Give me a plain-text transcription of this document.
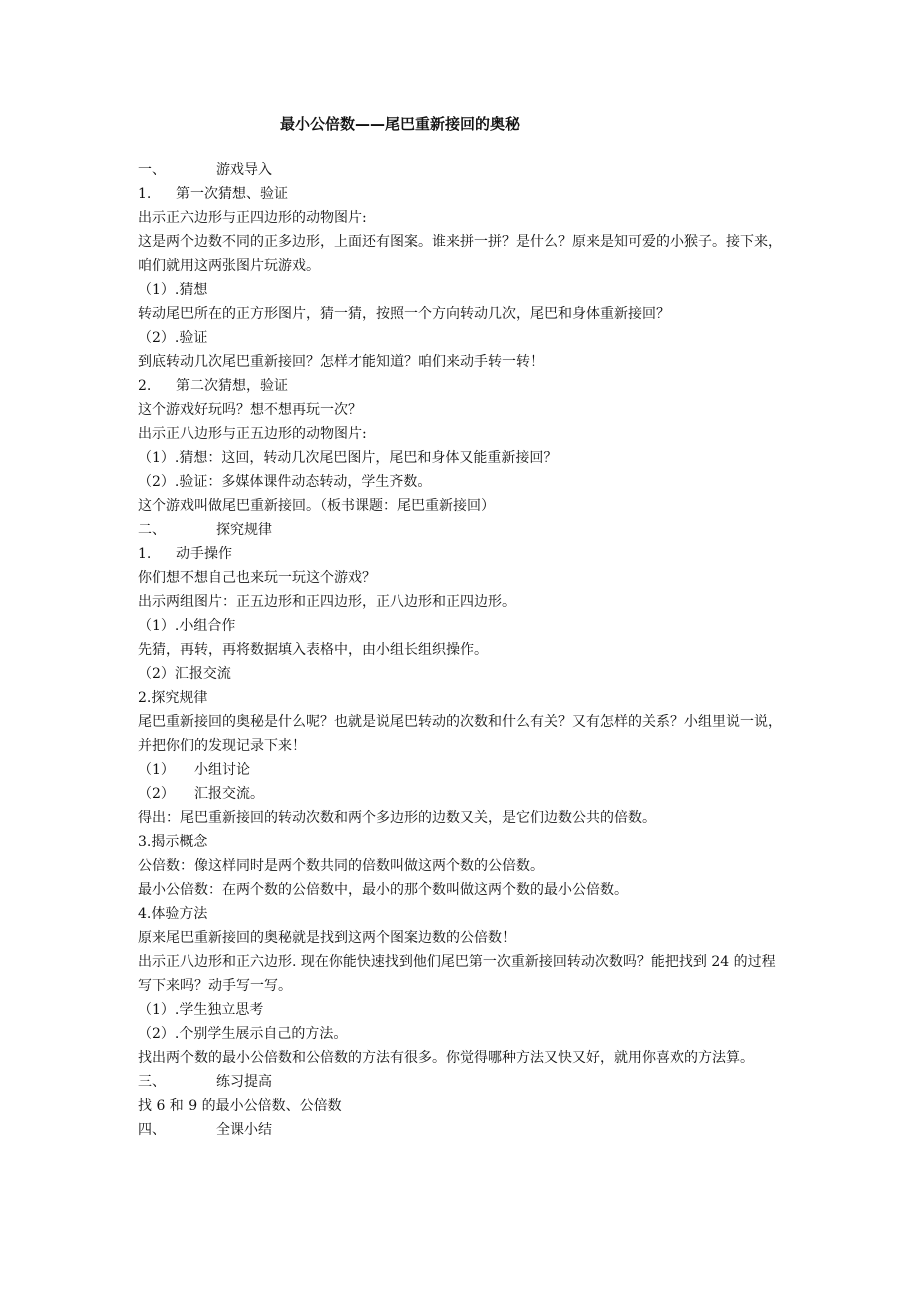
最小公倍数——尾巴重新接回的奥秘
一、	游戏导入
1. 第一次猜想、验证
出示正六边形与正四边形的动物图片:
这是两个边数不同的正多边形，上面还有图案。谁来拼一拼？是什么？原来是知可爱的小猴子。接下来，咱们就用这两张图片玩游戏。
（1）.猜想
转动尾巴所在的正方形图片，猜一猜，按照一个方向转动几次，尾巴和身体重新接回？
（2）.验证
到底转动几次尾巴重新接回？怎样才能知道？咱们来动手转一转！
2. 第二次猜想，验证
这个游戏好玩吗？想不想再玩一次？
出示正八边形与正五边形的动物图片:
（1）.猜想：这回，转动几次尾巴图片，尾巴和身体又能重新接回？
（2）.验证：多媒体课件动态转动，学生齐数。
这个游戏叫做尾巴重新接回。（板书课题：尾巴重新接回）
二、	探究规律
1. 动手操作
你们想不想自己也来玩一玩这个游戏？
出示两组图片：正五边形和正四边形，正八边形和正四边形。
（1）.小组合作
先猜，再转，再将数据填入表格中，由小组长组织操作。
（2）汇报交流
2.探究规律
尾巴重新接回的奥秘是什么呢？也就是说尾巴转动的次数和什么有关？又有怎样的关系？小组里说一说，并把你们的发现记录下来！
（1） 小组讨论
（2） 汇报交流。
得出：尾巴重新接回的转动次数和两个多边形的边数又关，是它们边数公共的倍数。
3.揭示概念
公倍数：像这样同时是两个数共同的倍数叫做这两个数的公倍数。
最小公倍数：在两个数的公倍数中，最小的那个数叫做这两个数的最小公倍数。
4.体验方法
原来尾巴重新接回的奥秘就是找到这两个图案边数的公倍数！
出示正八边形和正六边形. 现在你能快速找到他们尾巴第一次重新接回转动次数吗？能把找到 24 的过程写下来吗？动手写一写。
（1）.学生独立思考
（2）.个别学生展示自己的方法。
找出两个数的最小公倍数和公倍数的方法有很多。你觉得哪种方法又快又好，就用你喜欢的方法算。
三、	练习提高
找 6 和 9 的最小公倍数、公倍数
四、	全课小结
